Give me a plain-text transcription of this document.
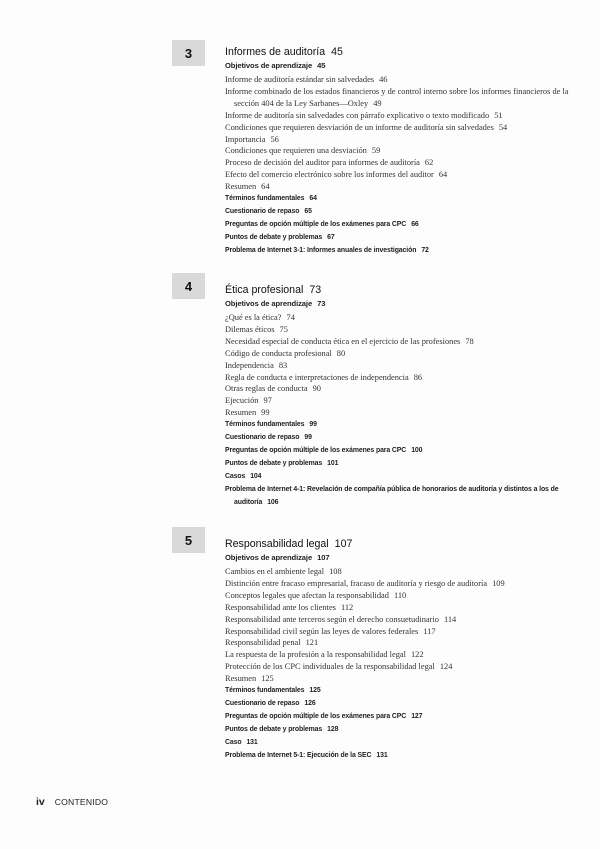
3	Informes de auditoría 45
Objetivos de aprendizaje 45
Informe de auditoría estándar sin salvedades 46
Informe combinado de los estados financieros y de control interno sobre los informes financieros de la sección 404 de la Ley Sarbanes—Oxley 49
Informe de auditoría sin salvedades con párrafo explicativo o texto modificado 51
Condiciones que requieren desviación de un informe de auditoría sin salvedades 54
Importancia 56
Condiciones que requieren una desviación 59
Proceso de decisión del auditor para informes de auditoría 62
Efecto del comercio electrónico sobre los informes del auditor 64
Resumen 64
Términos fundamentales 64
Cuestionario de repaso 65
Preguntas de opción múltiple de los exámenes para CPC 66
Puntos de debate y problemas 67
Problema de Internet 3-1: Informes anuales de investigación 72
4	Ética profesional 73
Objetivos de aprendizaje 73
¿Qué es la ética? 74
Dilemas éticos 75
Necesidad especial de conducta ética en el ejercicio de las profesiones 78
Código de conducta profesional 80
Independencia 83
Regla de conducta e interpretaciones de independencia 86
Otras reglas de conducta 90
Ejecución 97
Resumen 99
Términos fundamentales 99
Cuestionario de repaso 99
Preguntas de opción múltiple de los exámenes para CPC 100
Puntos de debate y problemas 101
Casos 104
Problema de Internet 4-1: Revelación de compañía pública de honorarios de auditoría y distintos a los de auditoría 106
5	Responsabilidad legal 107
Objetivos de aprendizaje 107
Cambios en el ambiente legal 108
Distinción entre fracaso empresarial, fracaso de auditoría y riesgo de auditoría 109
Conceptos legales que afectan la responsabilidad 110
Responsabilidad ante los clientes 112
Responsabilidad ante terceros según el derecho consuetudinario 114
Responsabilidad civil según las leyes de valores federales 117
Responsabilidad penal 121
La respuesta de la profesión a la responsabilidad legal 122
Protección de los CPC individuales de la responsabilidad legal 124
Resumen 125
Términos fundamentales 125
Cuestionario de repaso 126
Preguntas de opción múltiple de los exámenes para CPC 127
Puntos de debate y problemas 128
Caso 131
Problema de Internet 5-1: Ejecución de la SEC 131
iv CONTENIDO
